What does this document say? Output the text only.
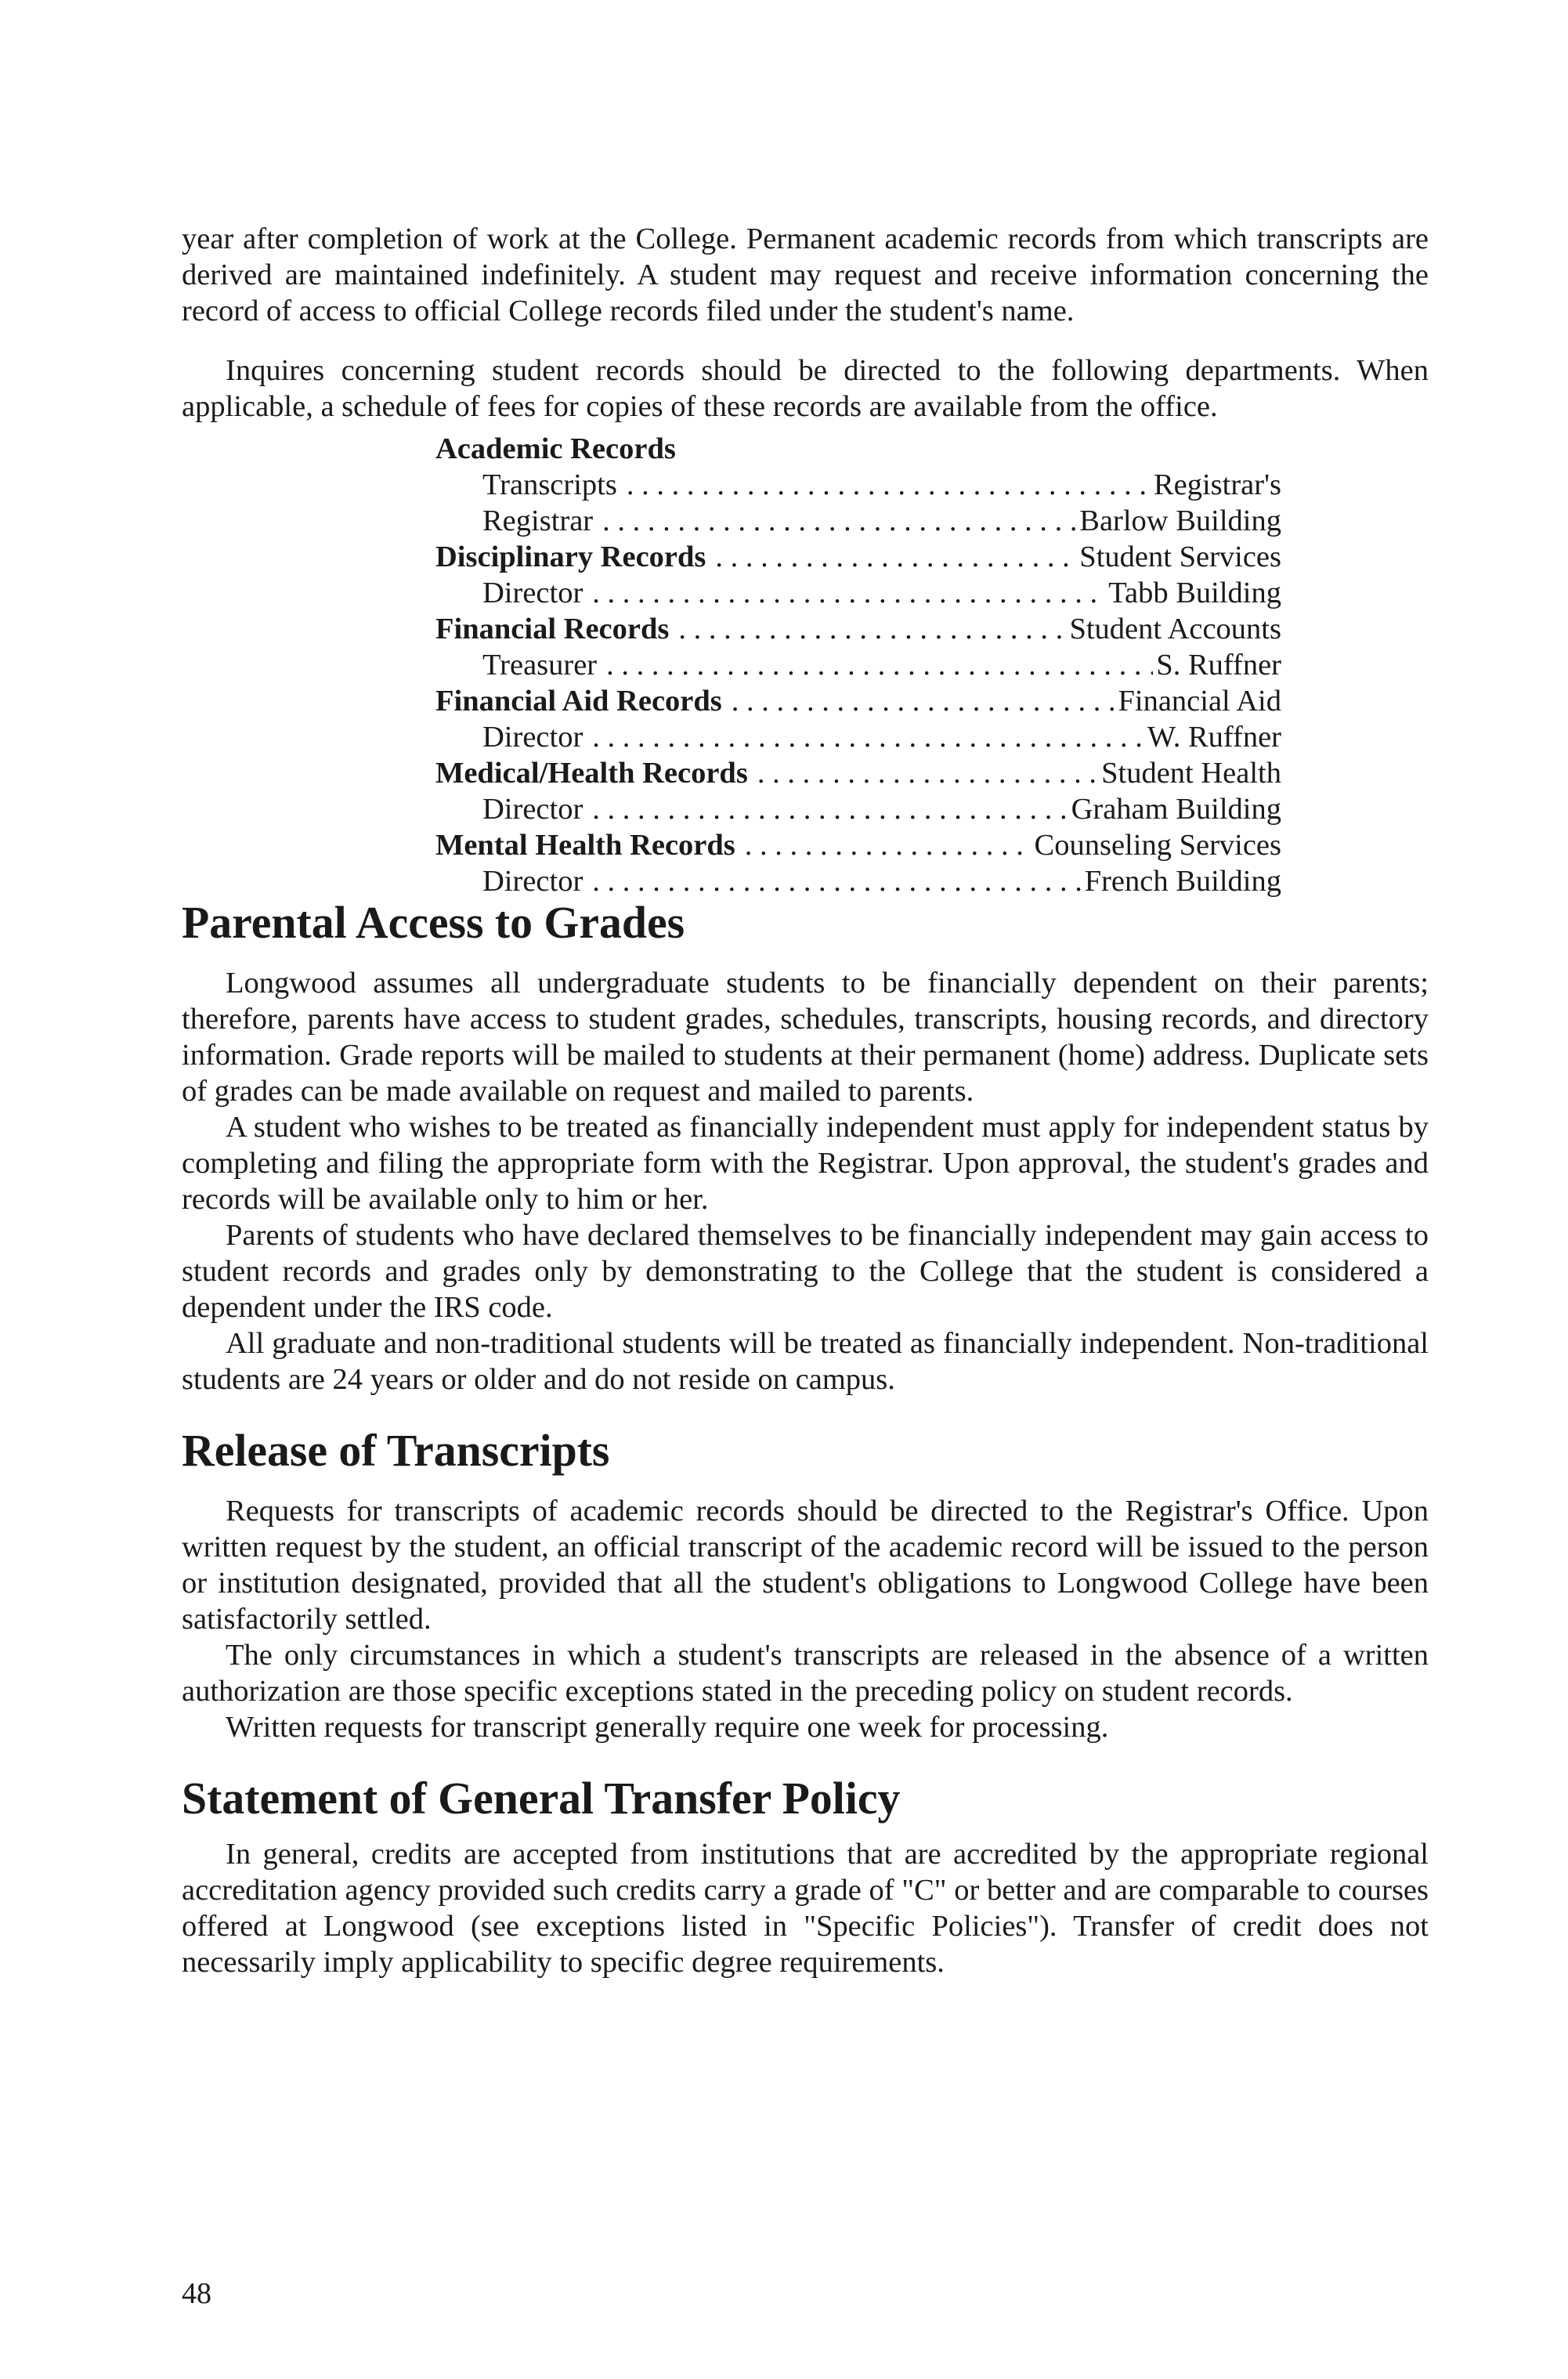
year after completion of work at the College. Permanent academic records from which transcripts are derived are maintained indefinitely. A student may request and receive information concerning the record of access to official College records filed under the student's name.

Inquires concerning student records should be directed to the following departments. When applicable, a schedule of fees for copies of these records are available from the office.

Academic Records
Transcripts . . .	Registrar's
Registrar . . .	Barlow Building
Disciplinary Records . . .	Student Services
Director . . .	Tabb Building
Financial Records . . .	Student Accounts
Treasurer . . .	S. Ruffner
Financial Aid Records . . .	Financial Aid
Director . . .	W. Ruffner
Medical/Health Records . . .	Student Health
Director . . .	Graham Building
Mental Health Records . . .	Counseling Services
Director . . .	French Building
Parental Access to Grades

Longwood assumes all undergraduate students to be financially dependent on their parents; therefore, parents have access to student grades, schedules, transcripts, housing records, and directory information. Grade reports will be mailed to students at their permanent (home) address. Duplicate sets of grades can be made available on request and mailed to parents.

A student who wishes to be treated as financially independent must apply for independent status by completing and filing the appropriate form with the Registrar. Upon approval, the student's grades and records will be available only to him or her.

Parents of students who have declared themselves to be financially independent may gain access to student records and grades only by demonstrating to the College that the student is considered a dependent under the IRS code.

All graduate and non-traditional students will be treated as financially independent. Non-traditional students are 24 years or older and do not reside on campus.

Release of Transcripts

Requests for transcripts of academic records should be directed to the Registrar's Office. Upon written request by the student, an official transcript of the academic record will be issued to the person or institution designated, provided that all the student's obligations to Longwood College have been satisfactorily settled.

The only circumstances in which a student's transcripts are released in the absence of a written authorization are those specific exceptions stated in the preceding policy on student records.

Written requests for transcript generally require one week for processing.

Statement of General Transfer Policy

In general, credits are accepted from institutions that are accredited by the appropriate regional accreditation agency provided such credits carry a grade of "C" or better and are comparable to courses offered at Longwood (see exceptions listed in "Specific Policies"). Transfer of credit does not necessarily imply applicability to specific degree requirements.

48
